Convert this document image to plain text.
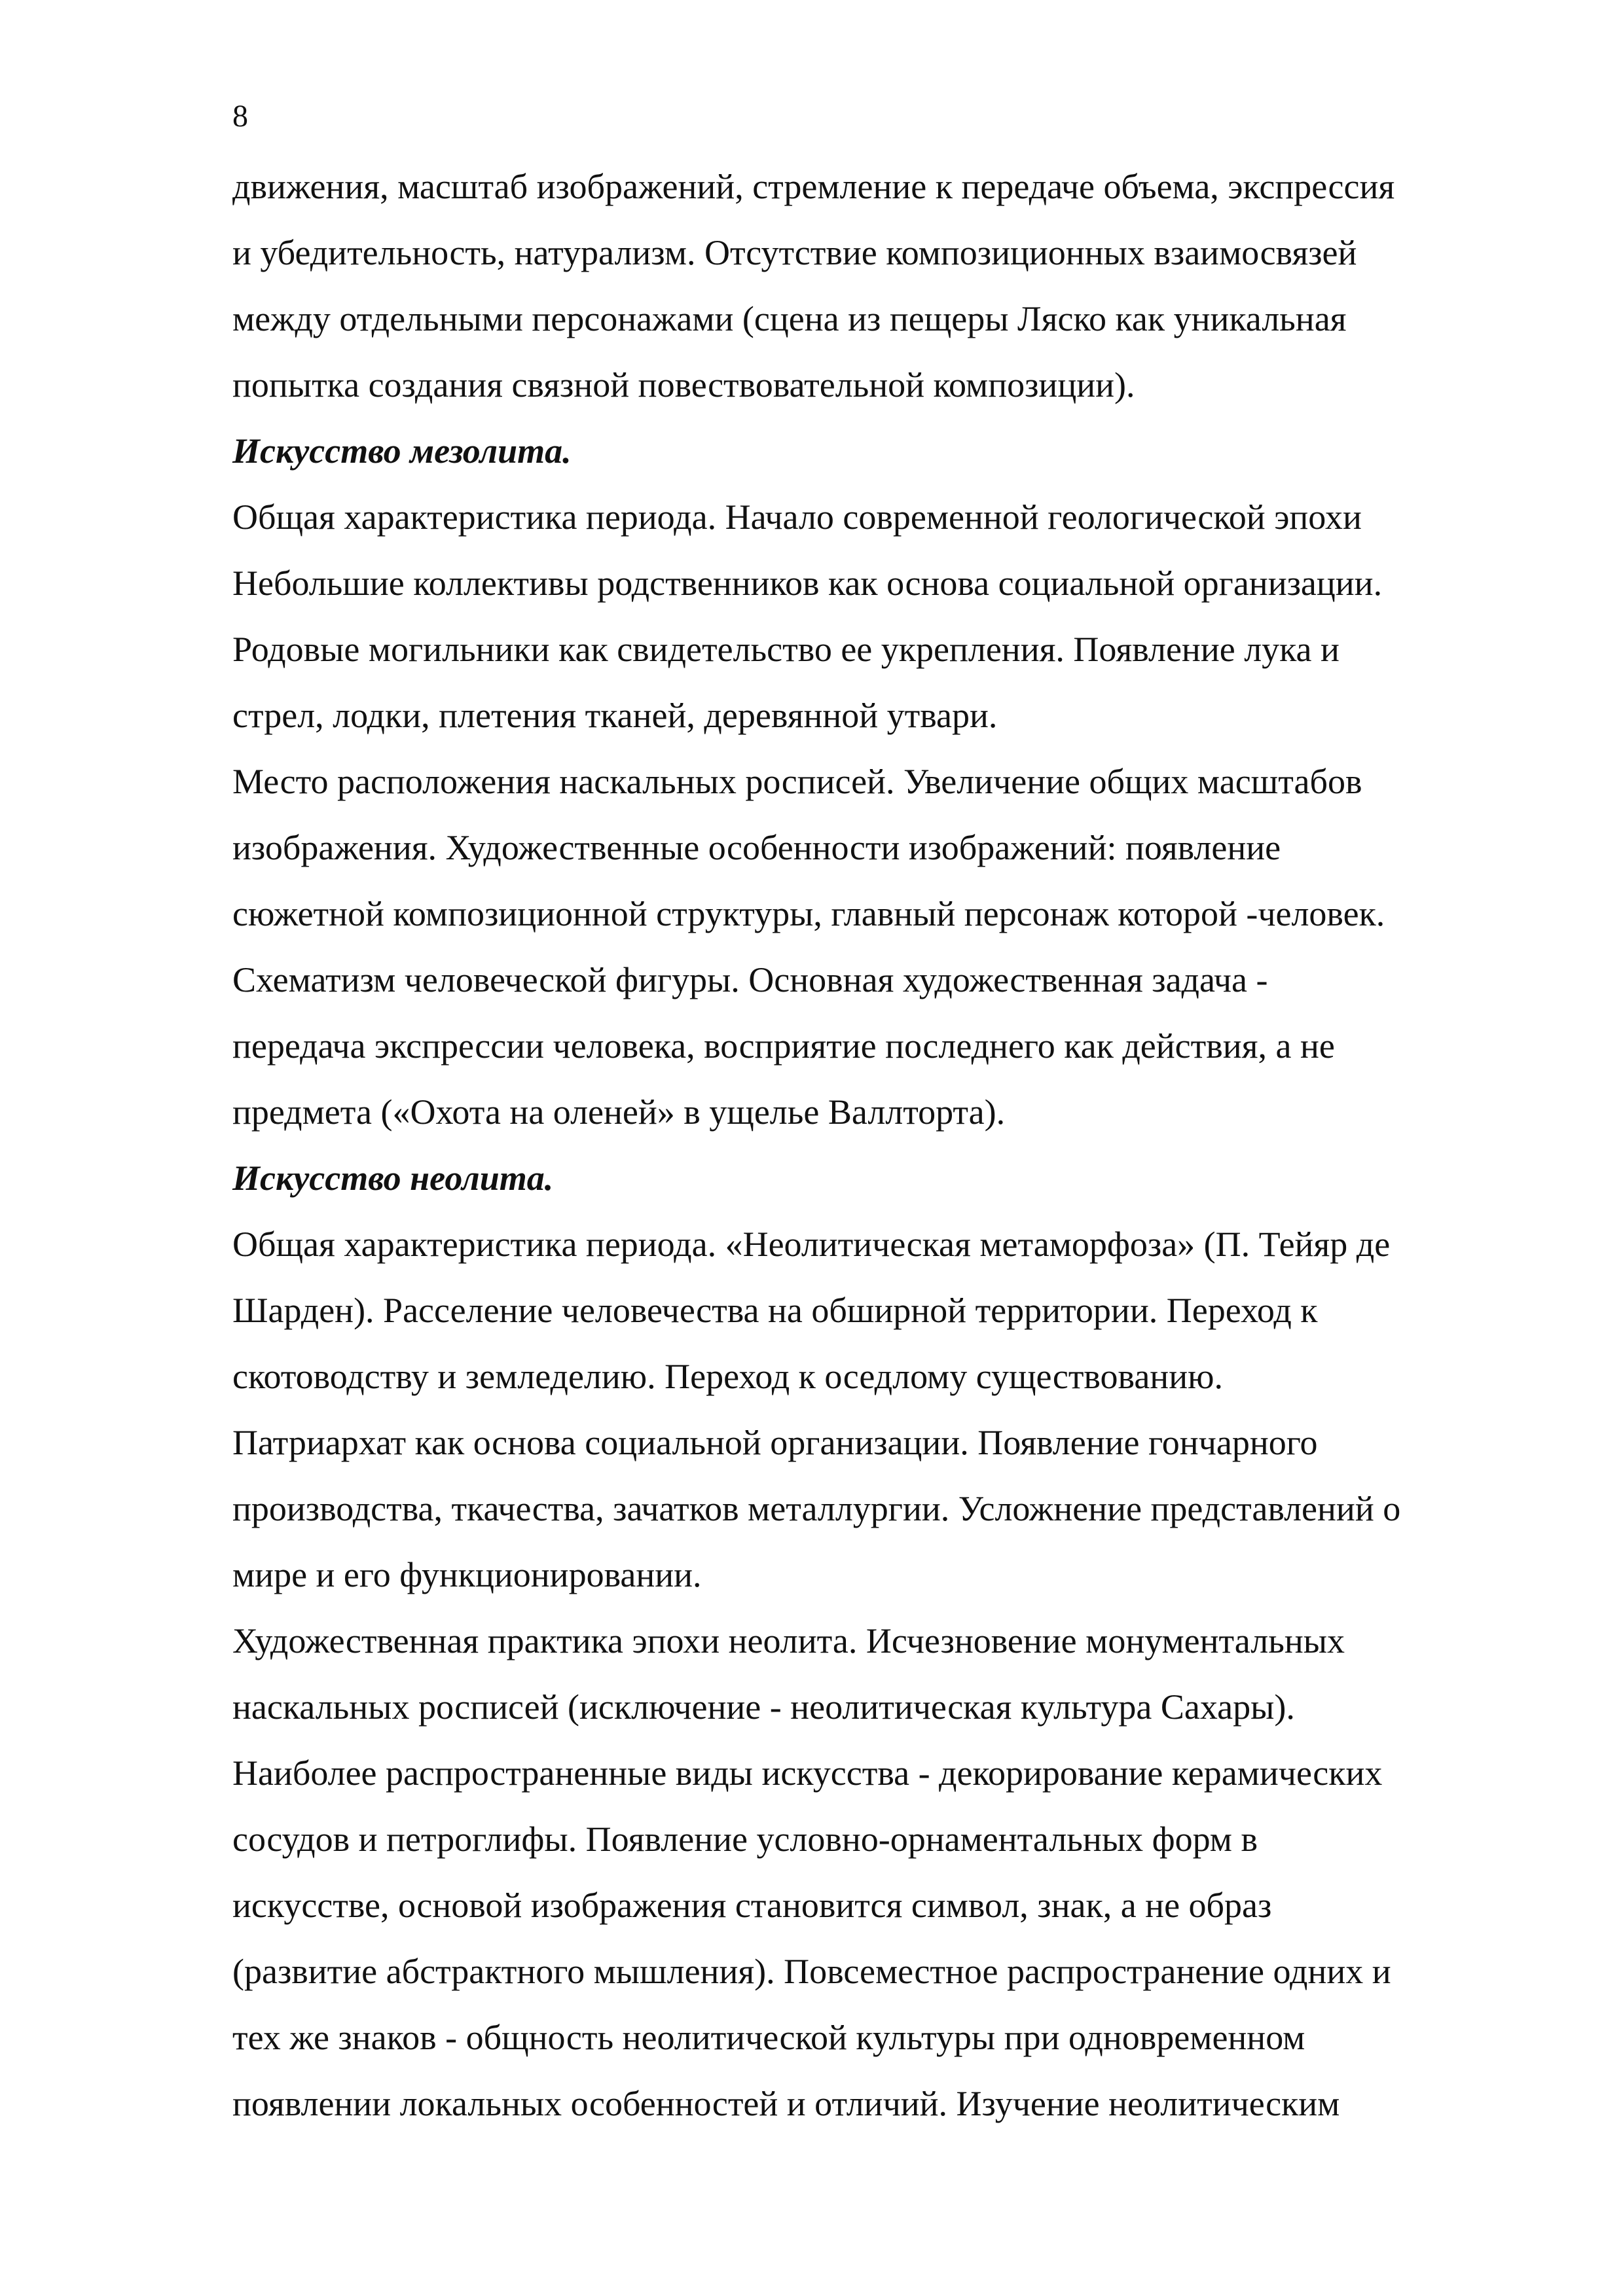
8
движения, масштаб изображений, стремление к передаче объема, экспрессия
и убедительность, натурализм. Отсутствие композиционных взаимосвязей
между отдельными персонажами (сцена из пещеры Ляско как уникальная
попытка создания связной повествовательной композиции).
Искусство мезолита.
Общая характеристика периода. Начало современной геологической эпохи
Небольшие коллективы родственников как основа социальной организации.
Родовые могильники как свидетельство ее укрепления. Появление лука и
стрел, лодки, плетения тканей, деревянной утвари.
Место расположения наскальных росписей. Увеличение общих масштабов
изображения. Художественные особенности изображений: появление
сюжетной композиционной структуры, главный персонаж которой -человек.
Схематизм человеческой фигуры. Основная художественная задача -
передача экспрессии человека, восприятие последнего как действия, а не
предмета («Охота на оленей» в ущелье Валлторта).
Искусство неолита.
Общая характеристика периода. «Неолитическая метаморфоза» (П. Тейяр де
Шарден). Расселение человечества на обширной территории. Переход к
скотоводству и земледелию. Переход к оседлому существованию.
Патриархат как основа социальной организации. Появление гончарного
производства, ткачества, зачатков металлургии. Усложнение представлений о
мире и его функционировании.
Художественная практика эпохи неолита. Исчезновение монументальных
наскальных росписей (исключение - неолитическая культура Сахары).
Наиболее распространенные виды искусства - декорирование керамических
сосудов и петроглифы. Появление условно-орнаментальных форм в
искусстве, основой изображения становится символ, знак, а не образ
(развитие абстрактного мышления). Повсеместное распространение одних и
тех же знаков - общность неолитической культуры при одновременном
появлении локальных особенностей и отличий. Изучение неолитическим
